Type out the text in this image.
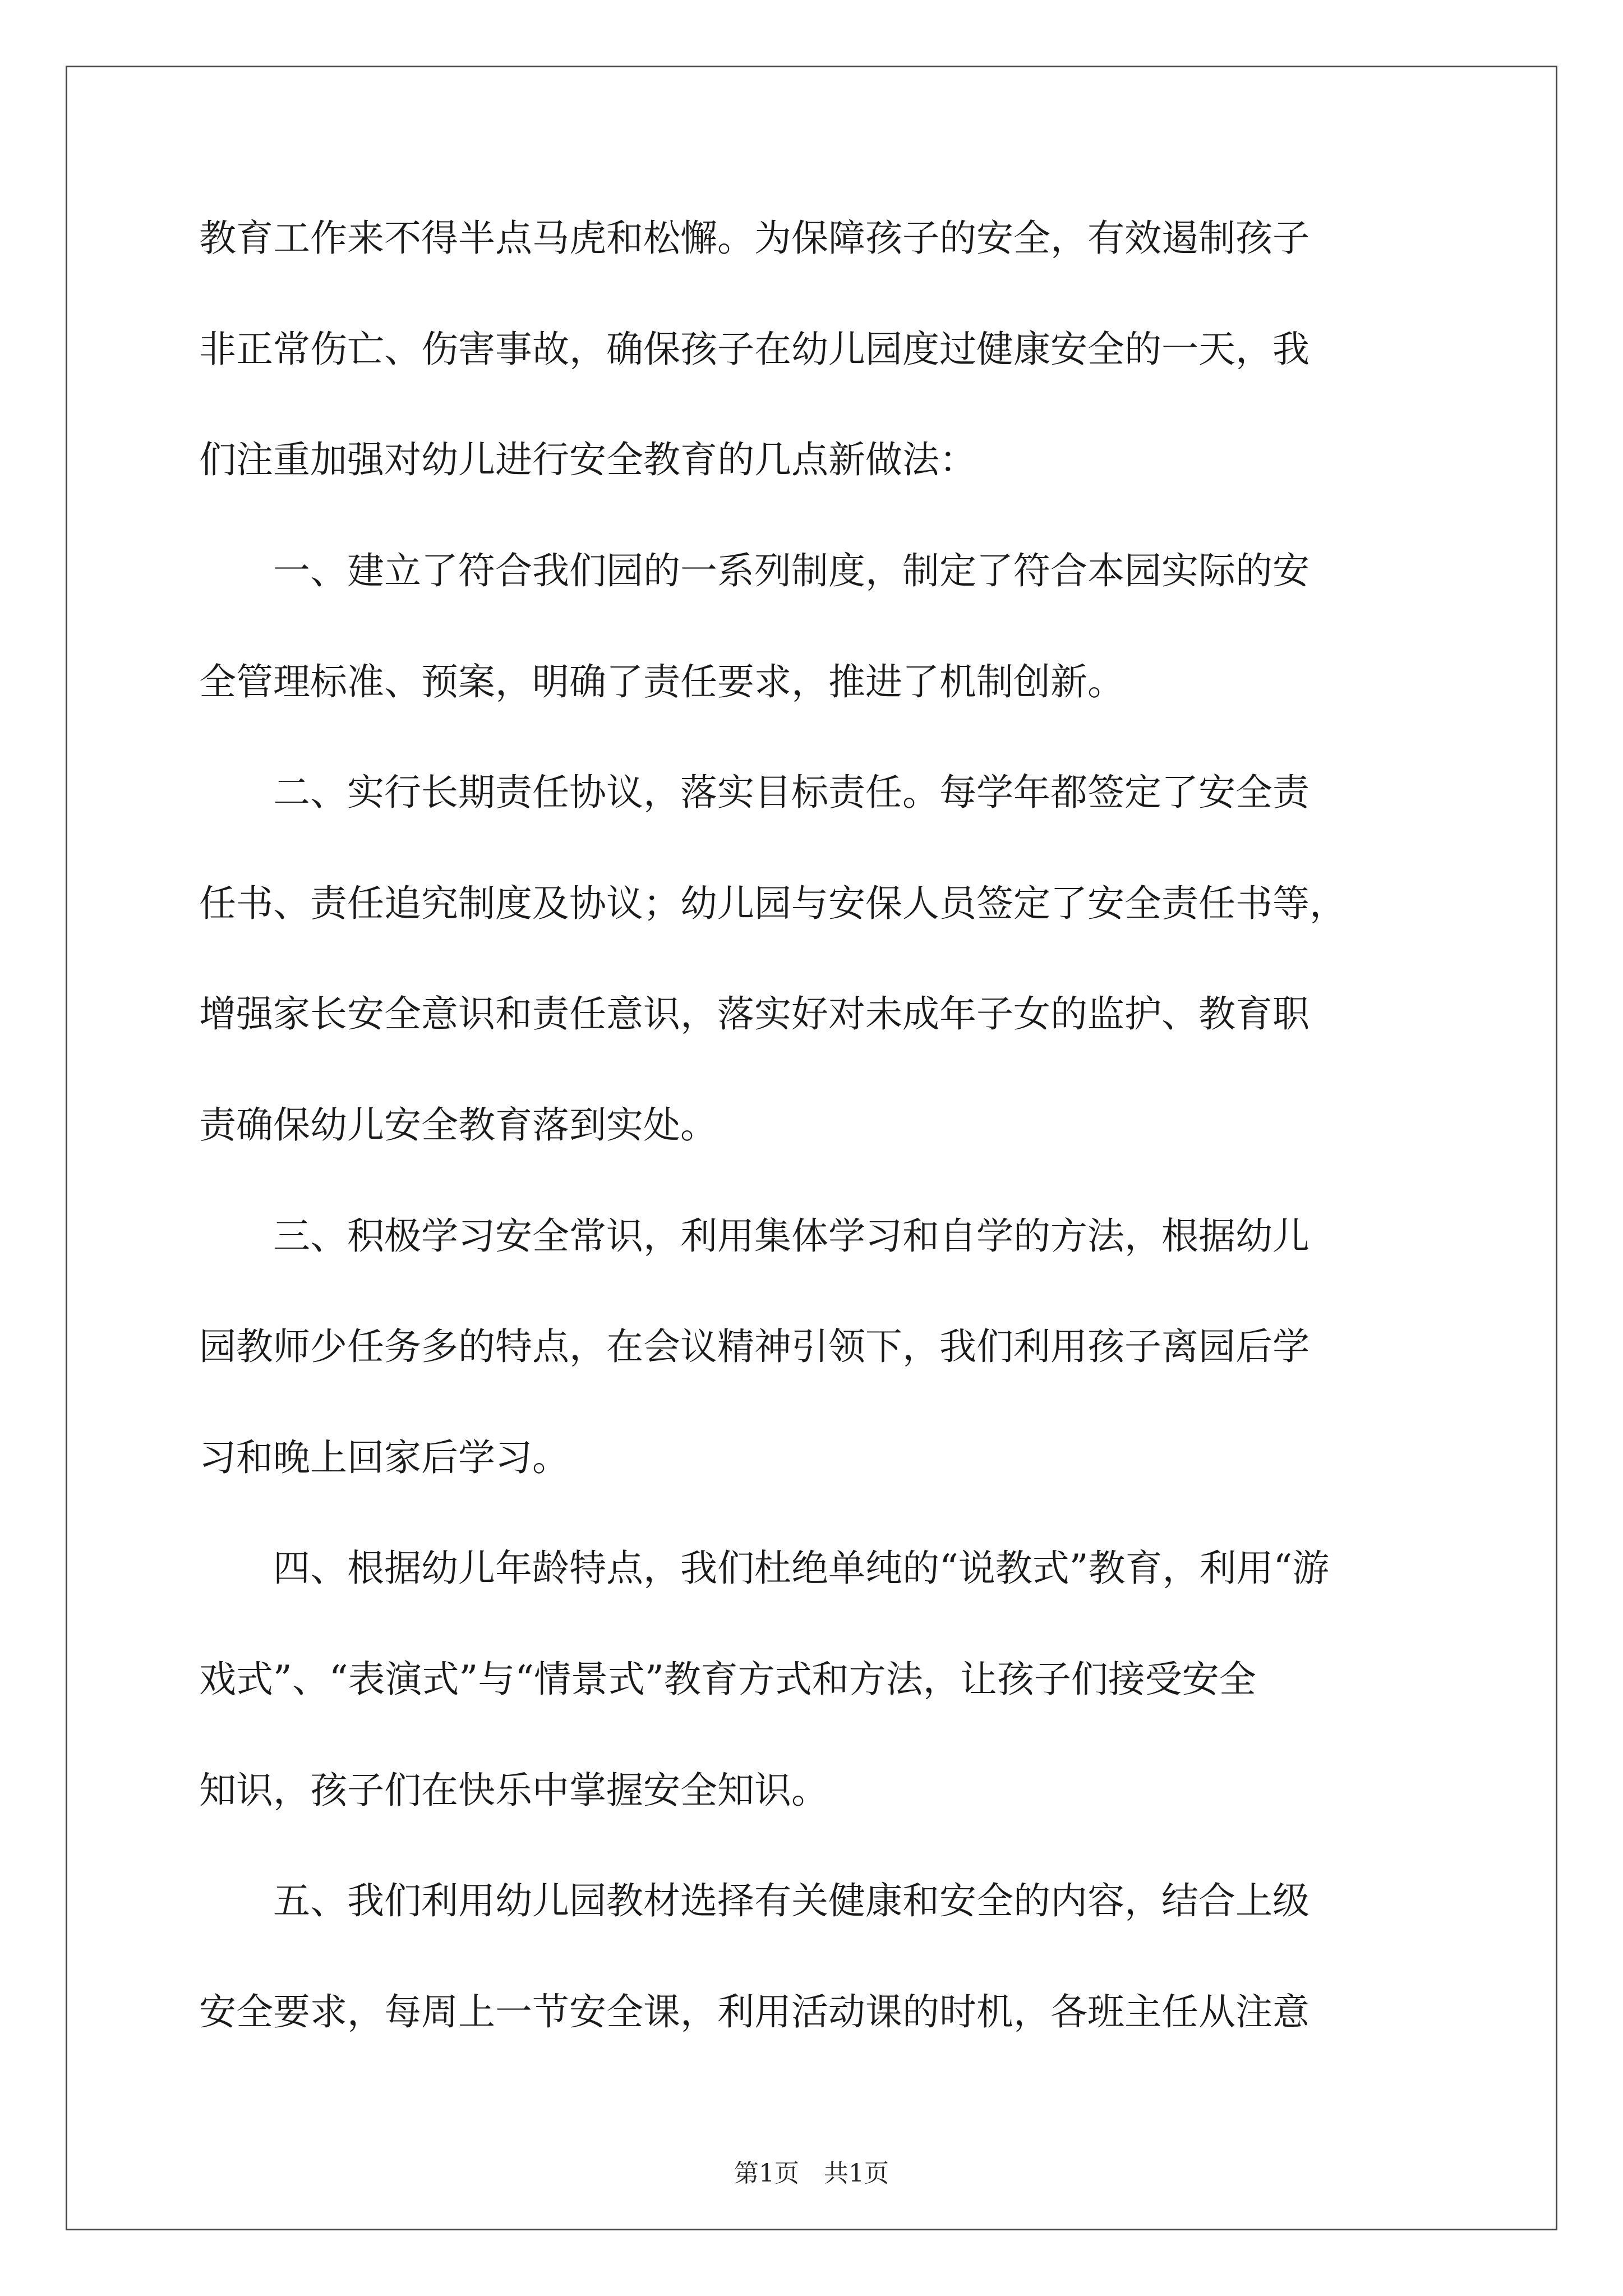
教育工作来不得半点马虎和松懈。为保障孩子的安全，有效遏制孩子

非正常伤亡、伤害事故，确保孩子在幼儿园度过健康安全的一天，我

们注重加强对幼儿进行安全教育的几点新做法：

　　一、建立了符合我们园的一系列制度，制定了符合本园实际的安

全管理标准、预案，明确了责任要求，推进了机制创新。

　　二、实行长期责任协议，落实目标责任。每学年都签定了安全责

任书、责任追究制度及协议；幼儿园与安保人员签定了安全责任书等，

增强家长安全意识和责任意识，落实好对未成年子女的监护、教育职

责确保幼儿安全教育落到实处。

　　三、积极学习安全常识，利用集体学习和自学的方法，根据幼儿

园教师少任务多的特点，在会议精神引领下，我们利用孩子离园后学

习和晚上回家后学习。

　　四、根据幼儿年龄特点，我们杜绝单纯的“说教式”教育，利用“游

戏式”、“表演式”与“情景式”教育方式和方法，让孩子们接受安全

知识，孩子们在快乐中掌握安全知识。

　　五、我们利用幼儿园教材选择有关健康和安全的内容，结合上级

安全要求，每周上一节安全课，利用活动课的时机，各班主任从注意

第1页　共1页
